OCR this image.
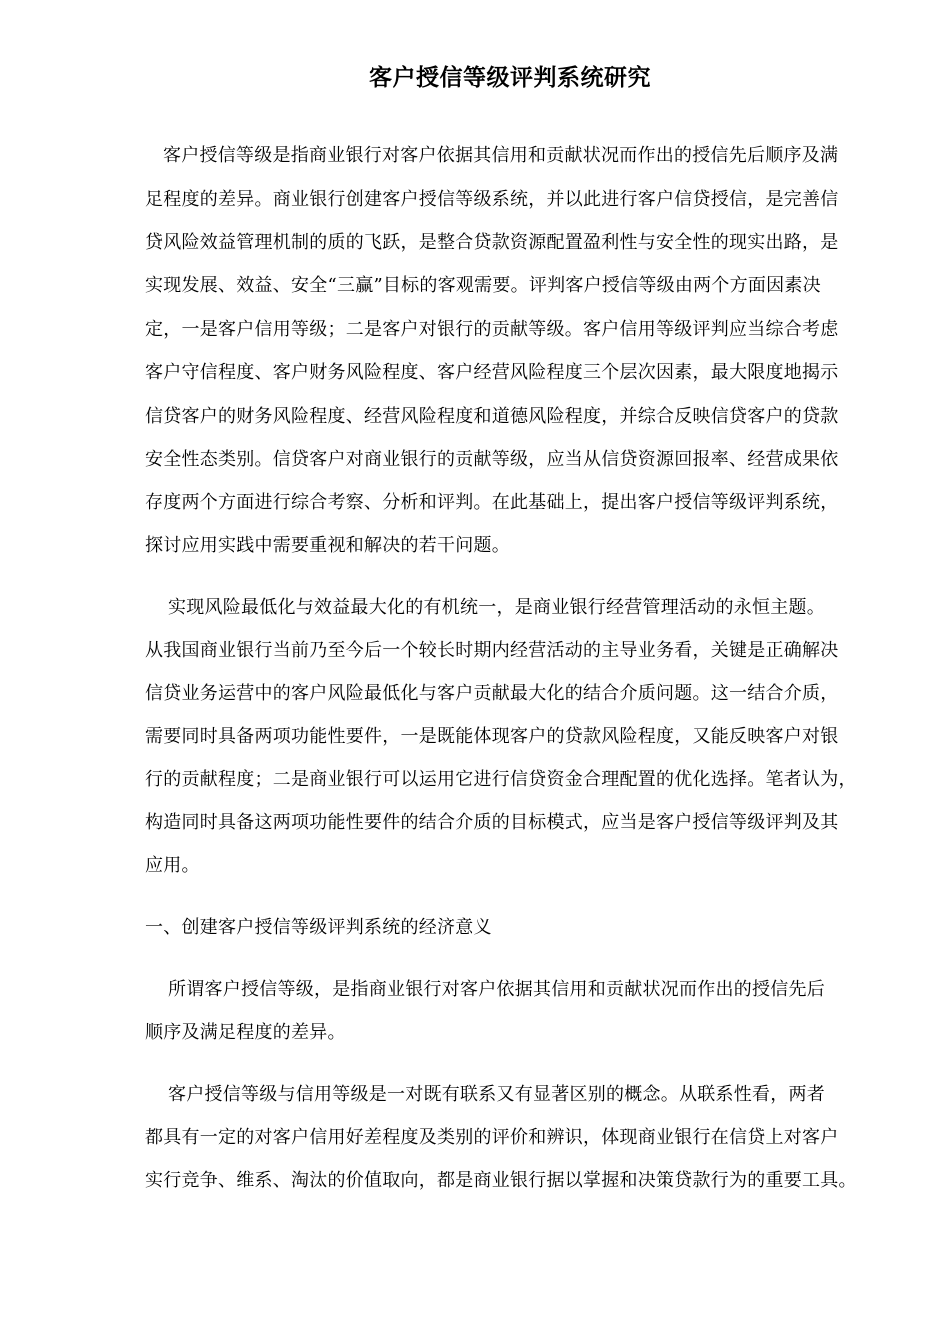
客户授信等级评判系统研究

客户授信等级是指商业银行对客户依据其信用和贡献状况而作出的授信先后顺序及满

足程度的差异。商业银行创建客户授信等级系统，并以此进行客户信贷授信，是完善信

贷风险效益管理机制的质的飞跃，是整合贷款资源配置盈利性与安全性的现实出路，是

实现发展、效益、安全“三赢”目标的客观需要。评判客户授信等级由两个方面因素决

定，一是客户信用等级；二是客户对银行的贡献等级。客户信用等级评判应当综合考虑

客户守信程度、客户财务风险程度、客户经营风险程度三个层次因素，最大限度地揭示

信贷客户的财务风险程度、经营风险程度和道德风险程度，并综合反映信贷客户的贷款

安全性态类别。信贷客户对商业银行的贡献等级，应当从信贷资源回报率、经营成果依

存度两个方面进行综合考察、分析和评判。在此基础上，提出客户授信等级评判系统，

探讨应用实践中需要重视和解决的若干问题。

实现风险最低化与效益最大化的有机统一，是商业银行经营管理活动的永恒主题。

从我国商业银行当前乃至今后一个较长时期内经营活动的主导业务看，关键是正确解决

信贷业务运营中的客户风险最低化与客户贡献最大化的结合介质问题。这一结合介质，

需要同时具备两项功能性要件，一是既能体现客户的贷款风险程度，又能反映客户对银

行的贡献程度；二是商业银行可以运用它进行信贷资金合理配置的优化选择。笔者认为，

构造同时具备这两项功能性要件的结合介质的目标模式，应当是客户授信等级评判及其

应用。

一、创建客户授信等级评判系统的经济意义

所谓客户授信等级，是指商业银行对客户依据其信用和贡献状况而作出的授信先后

顺序及满足程度的差异。

客户授信等级与信用等级是一对既有联系又有显著区别的概念。从联系性看，两者

都具有一定的对客户信用好差程度及类别的评价和辨识，体现商业银行在信贷上对客户

实行竞争、维系、淘汰的价值取向，都是商业银行据以掌握和决策贷款行为的重要工具。
